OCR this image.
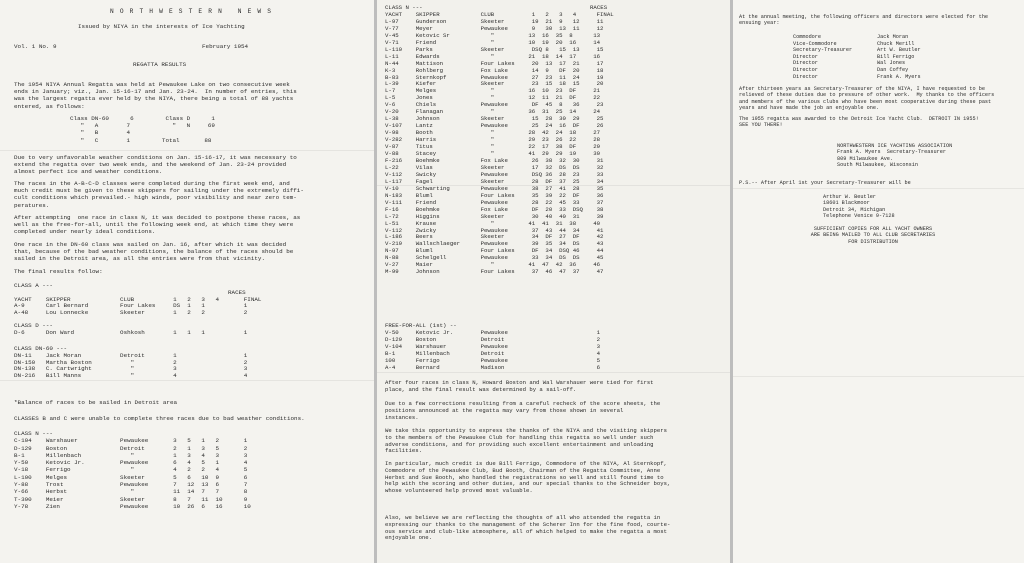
N O R T H W E S T E R N   N E W S
Issued by NIYA in the interests of Ice Yachting
Vol. 1 No. 9	February 1954
REGATTA RESULTS
The 1954 NIYA Annual Regatta was held at Pewaukee Lake on two consecutive week
ends in January; viz., Jan. 15-16-17 and Jan. 23-24.  In number of entries, this
was the largest regatta ever held by the NIYA, there being a total of 88 yachts
entered, as follows:
Class DN-60      6         Class D      1
"   A        7            "   N     69
"   B        4
"   C        1         Total       88
Due to very unfavorable weather conditions on Jan. 15-16-17, it was necessary to
extend the regatta over two week ends, and the weekend of Jan. 23-24 provided
almost perfect ice and weather conditions.
The races in the A-B-C-D classes were completed during the first week end, and
much credit must be given to these skippers for sailing under the extremely diffi-
cult conditions which prevailed.- high winds, poor visibility and near zero tem-
peratures.
After attempting  one race in class N, it was decided to postpone these races, as
well as the free-for-all, until the following week end, at which time they were
completed under nearly ideal conditions.
One race in the DN-60 class was sailed on Jan. 16, after which it was decided
that, because of the bad weather conditions, the balance of the races should be
sailed in the Detroit area, as all the entries were from that vicinity.
The final results follow:
CLASS A ---
RACES
YACHT    SKIPPER              CLUB           1   2   3   4       FINAL
A-9      Carl Bernard         Four Lakes     DS  1   1           1
A-48     Lou Lonnecke         Skeeter        1   2   2           2
CLASS D ---
D-6      Don Ward             Oshkosh        1   1   1           1
CLASS DN-60 ---
DN-11    Jack Moran           Detroit        1                   1
DN-150   Martha Boston           "           2                   2
DN-138   C. Cartwright           "           3                   3
DN-216   Bill Manns              "           4                   4
*Balance of races to be sailed in Detroit area
CLASSES B and C were unable to complete three races due to bad weather conditions.
CLASS N ---
C-104    Warshauer            Pewaukee       3   5   1   2       1
D-129    Boston               Detroit        2   1   3   5       2
B-1      Millenbach              "           1   3   4   3       3
Y-50     Ketovic Jr.          Pewaukee       6   4   5   1       4
V-18     Ferrigo                 "           4   2   2   4       5
L-100    Melges               Skeeter        5   6   10  9       6
Y-88     Trost                Pewaukee       7   12  13  6       7
Y-66     Herbst                  "           11  14  7   7       8
T-390    Meier                Skeeter        8   7   11  10      9
Y-78     Zien                 Pewaukee       10  26  6   16      10
CLASS N ---
YACHT    SKIPPER            CLUB           1   2   3   4      FINAL
L-97     Gunderson          Skeeter        19  21  9   12     11
V-77     Meyer              Pewaukee       9   30  13  11     12
V-45     Ketovic Sr            "          13  16  35  8      13
V-71     Friend                "          10  19  20  16     14
L-110    Parks              Skeeter        DSQ 8   15  13     15
L-11     Edwards               "          21  18  14  17     16
N-44     Mattison           Four Lakes     20  13  17  21     17
K-3      Rohlberg           Fox Lake       14  9   DF  20     18
B-83     Sternkopf          Pewaukee       27  23  11  24     19
L-39     Kiefer             Skeeter        23  15  18  15     20
L-7      Melges                "          16  10  23  DF     21
L-5      Jones                 "          12  11  21  DF     22
V-6      Chiels             Pewaukee       DF  45  8   36     23
V-20     Flanagan              "          36  31  25  14     24
L-38     Johnson            Skeeter        15  28  30  29     25
V-107    Lantz              Pewaukee       25  24  16  DF     26
V-98     Booth                 "          28  42  24  18     27
V-282    Harris                "          29  23  26  22     28
V-87     Titus                 "          22  17  38  DF     29
V-88     Stacey                "          41  29  29  19     30
F-216    Boehmke            Fox Lake       26  38  32  30     31
L-22     Vilas              Skeeter        17  32  DS  DS     32
V-112    Swicky             Pewaukee       DSQ 36  28  23     33
L-117    Fagel              Skeeter        28  DF  37  25     34
V-10     Schwarting         Pewaukee       38  27  41  28     35
N-183    Bluml              Four Lakes     35  39  22  DF     36
V-111    Friend             Pewaukee       28  22  45  33     37
F-16     Boehmke            Fox Lake       DF  20  33  DSQ    38
L-72     Higgins            Skeeter        30  40  40  31     39
L-51     Krause                "          41  41  31  38     40
V-112    Zwicky             Pewaukee       37  43  44  34     41
L-186    Beers              Skeeter        34  DF  27  DF     42
V-219    Wallschlaeger      Pewaukee       39  35  34  DS     43
N-97     Bluml              Four Lakes     DF  34  DSQ 46     44
N-88     Schelgell          Pewaukee       33  34  DS  DS     45
V-27     Maier                 "          41  47  42  36     46
M-99     Johnson            Four Lakes     37  46  47  37     47
RACES
FREE-FOR-ALL (1st) --
V-50     Ketovic Jr.        Pewaukee                          1
D-129    Boston             Detroit                           2
V-104    Warshauer          Pewaukee                          3
B-1      Millenbach         Detroit                           4
100      Ferrigo            Pewaukee                          5
A-4      Bernard            Madison                           6
After four races in class N, Howard Boston and Wal Warshauer were tied for first
place, and the final result was determined by a sail-off.
Due to a few corrections resulting from a careful recheck of the score sheets, the
positions announced at the regatta may vary from those shown in several
instances.
We take this opportunity to express the thanks of the NIYA and the visiting skippers
to the members of the Pewaukee Club for handling this regatta so well under such
adverse conditions, and for providing such excellent entertainment and unloading
facilities.
In particular, much credit is due Bill Ferrigo, Commodore of the NIYA, Al Sternkopf,
Commodore of the Pewaukee Club, Bud Booth, Chairman of the Regatta Committee, Anne
Herbst and Sue Booth, who handled the registrations so well and still found time to
help with the scoring and other duties, and our special thanks to the Schneider boys,
whose volunteered help proved most valuable.
Also, we believe we are reflecting the thoughts of all who attended the regatta in
expressing our thanks to the management of the Scherer Inn for the fine food, courte-
ous service and club-like atmosphere, all of which helped to make the regatta a most
enjoyable one.
At the annual meeting, the following officers and directors were elected for the
ensuing year:
Commodore                  Jack Moran
Vice-Commodore             Chuck Merill
Secretary-Treasurer        Art W. Beutler
Director                   Bill Ferrigo
Director                   Wal Jones
Director                   Dan Coffey
Director                   Frank A. Myers
After thirteen years as Secretary-Treasurer of the NIYA, I have requested to be
relieved of these duties due to pressure of other work.  My thanks to the officers
and members of the various clubs who have been most cooperative during these past
years and have made the job an enjoyable one.
The 1955 regatta was awarded to the Detroit Ice Yacht Club.  DETROIT IN 1955!
SEE YOU THERE!
NORTHWESTERN ICE YACHTING ASSOCIATION
Frank A. Myers  Secretary-Treasurer
809 Milwaukee Ave.
South Milwaukee, Wisconsin
P.S.-- After April 1st your Secretary-Treasurer will be
Arthur W. Beutler
18601 Blackmoor
Detroit 34, Michigan
Telephone Venice 9-7128
SUFFICIENT COPIES FOR ALL YACHT OWNERS
ARE BEING MAILED TO ALL CLUB SECRETARIES
FOR DISTRIBUTION
